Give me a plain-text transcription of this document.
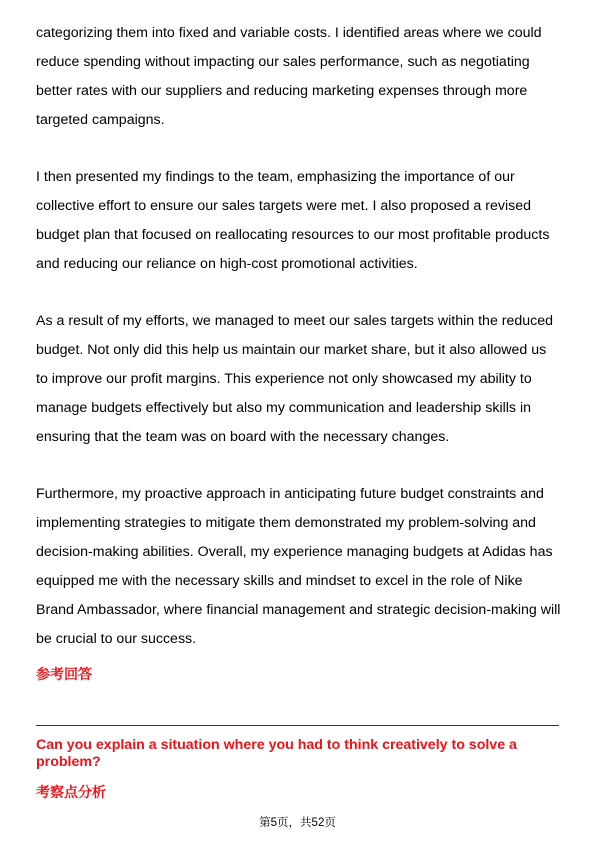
categorizing them into fixed and variable costs. I identified areas where we could reduce spending without impacting our sales performance, such as negotiating better rates with our suppliers and reducing marketing expenses through more targeted campaigns.

I then presented my findings to the team, emphasizing the importance of our collective effort to ensure our sales targets were met. I also proposed a revised budget plan that focused on reallocating resources to our most profitable products and reducing our reliance on high-cost promotional activities.

As a result of my efforts, we managed to meet our sales targets within the reduced budget. Not only did this help us maintain our market share, but it also allowed us to improve our profit margins. This experience not only showcased my ability to manage budgets effectively but also my communication and leadership skills in ensuring that the team was on board with the necessary changes.

Furthermore, my proactive approach in anticipating future budget constraints and implementing strategies to mitigate them demonstrated my problem-solving and decision-making abilities. Overall, my experience managing budgets at Adidas has equipped me with the necessary skills and mindset to excel in the role of Nike Brand Ambassador, where financial management and strategic decision-making will be crucial to our success.

参考回答

Can you explain a situation where you had to think creatively to solve a problem?

考察点分析
第5页，共52页
